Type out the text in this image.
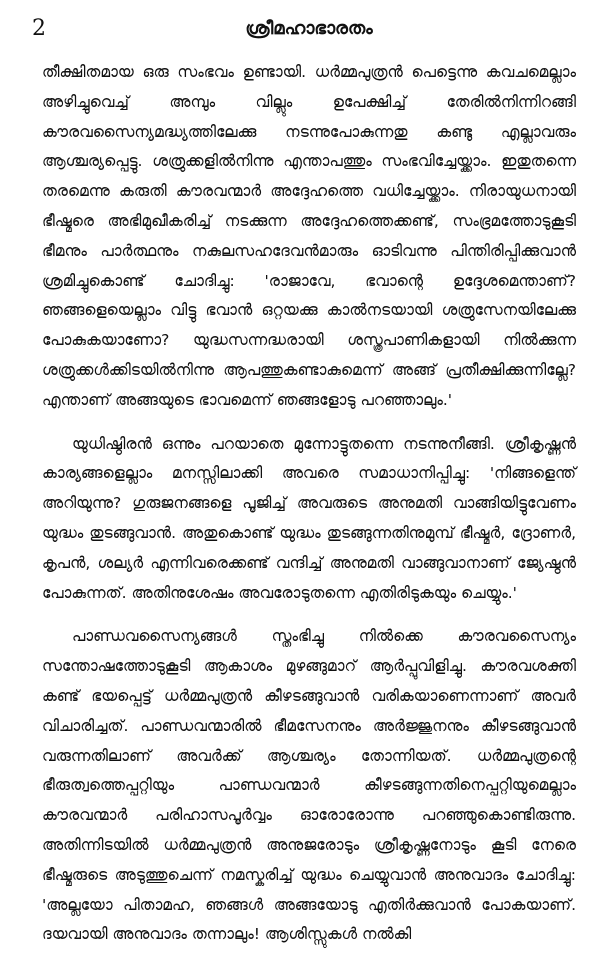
2	ശ്രീമഹാഭാരതം

തീക്ഷിതമായ ഒരു സംഭവം ഉണ്ടായി. ധർമ്മപുത്രൻ പെട്ടെന്നു കവചമെല്ലാം അഴിച്ചുവെച്ച് അമ്പും വില്ലും ഉപേക്ഷിച്ച് തേരിൽനിന്നിറങ്ങി കൗരവസൈന്യമദ്ധ്യത്തിലേക്കു നടന്നുപോകുന്നതു കണ്ടു എല്ലാവരും ആശ്ചര്യപ്പെട്ടു. ശത്രുക്കളിൽനിന്നു എന്താപത്തും സംഭവിച്ചേയ്ക്കാം. ഇതുതന്നെ തരമെന്നു കരുതി കൗരവന്മാർ അദ്ദേഹത്തെ വധിച്ചേയ്ക്കാം. നിരായുധനായി ഭീഷ്മരെ അഭിമുഖീകരിച്ച് നടക്കുന്ന അദ്ദേഹത്തെക്കണ്ട്, സംഭ്രമത്തോടുകൂടി ഭീമനും പാർത്ഥനും നകുലസഹദേവൻമാരും ഓടിവന്നു പിന്തിരിപ്പിക്കുവാൻ ശ്രമിച്ചുകൊണ്ട് ചോദിച്ചു: 'രാജാവേ, ഭവാന്റെ ഉദ്ദേശമെന്താണ്? ഞങ്ങളെയെല്ലാം വിട്ടു ഭവാൻ ഒറ്റയക്കു കാൽനടയായി ശത്രുസേനയിലേക്കു പോകുകയാണോ? യുദ്ധസന്നദ്ധരായി ശസ്ത്രപാണികളായി നിൽക്കുന്ന ശത്രുക്കൾക്കിടയിൽനിന്നു ആപത്തുകണ്ടാകുമെന്ന് അങ്ങ് പ്രതീക്ഷിക്കുന്നില്ലേ? എന്താണ് അങ്ങയുടെ ഭാവമെന്ന് ഞങ്ങളോടു പറഞ്ഞാലും.'

യുധിഷ്ഠിരൻ ഒന്നും പറയാതെ മുന്നോട്ടുതന്നെ നടന്നുനീങ്ങി. ശ്രീകൃഷ്ണൻ കാര്യങ്ങളെല്ലാം മനസ്സിലാക്കി അവരെ സമാധാനിപ്പിച്ചു: 'നിങ്ങളെന്ത് അറിയുന്നു? ഗുരുജനങ്ങളെ പൂജിച്ച് അവരുടെ അനുമതി വാങ്ങിയിട്ടുവേണം യുദ്ധം തുടങ്ങുവാൻ. അതുകൊണ്ട് യുദ്ധം തുടങ്ങുന്നതിനുമുമ്പ് ഭീഷ്മർ, ദ്രോണർ, കൃപൻ, ശല്യർ എന്നിവരെക്കണ്ട് വന്ദിച്ച് അനുമതി വാങ്ങുവാനാണ് ജ്യേഷ്ഠൻ പോകുന്നത്. അതിനുശേഷം അവരോടുതന്നെ എതിരിടുകയും ചെയ്യും.'

പാണ്ഡവസൈന്യങ്ങൾ സ്തംഭിച്ചു നിൽക്കെ കൗരവസൈന്യം സന്തോഷത്തോടുകൂടി ആകാശം മുഴങ്ങുമാറ് ആർപ്പുവിളിച്ചു. കൗരവശക്തി കണ്ട് ഭയപ്പെട്ട് ധർമ്മപുത്രൻ കീഴടങ്ങുവാൻ വരികയാണെന്നാണ് അവർ വിചാരിച്ചത്. പാണ്ഡവന്മാരിൽ ഭീമസേനനും അർജ്ജുനനും കീഴടങ്ങുവാൻ വരുന്നതിലാണ് അവർക്ക് ആശ്ചര്യം തോന്നിയത്. ധർമ്മപുത്രന്റെ ഭീരുത്വത്തെപ്പറ്റിയും പാണ്ഡവന്മാർ കീഴടങ്ങുന്നതിനെപ്പറ്റിയുമെല്ലാം കൗരവന്മാർ പരിഹാസപൂർവ്വം ഓരോരോന്നു പറഞ്ഞുകൊണ്ടിരുന്നു. അതിന്നിടയിൽ ധർമ്മപുത്രൻ അനുജരോടും ശ്രീകൃഷ്ണനോടും കൂടി നേരെ ഭീഷ്മരുടെ അടുത്തുചെന്ന് നമസ്കരിച്ച് യുദ്ധം ചെയ്യുവാൻ അനുവാദം ചോദിച്ചു: 'അല്ലയോ പിതാമഹ, ഞങ്ങൾ അങ്ങയോടു എതിർക്കുവാൻ പോകയാണ്. ദയവായി അനുവാദം തന്നാലും! ആശിസ്സുകൾ നൽകി
